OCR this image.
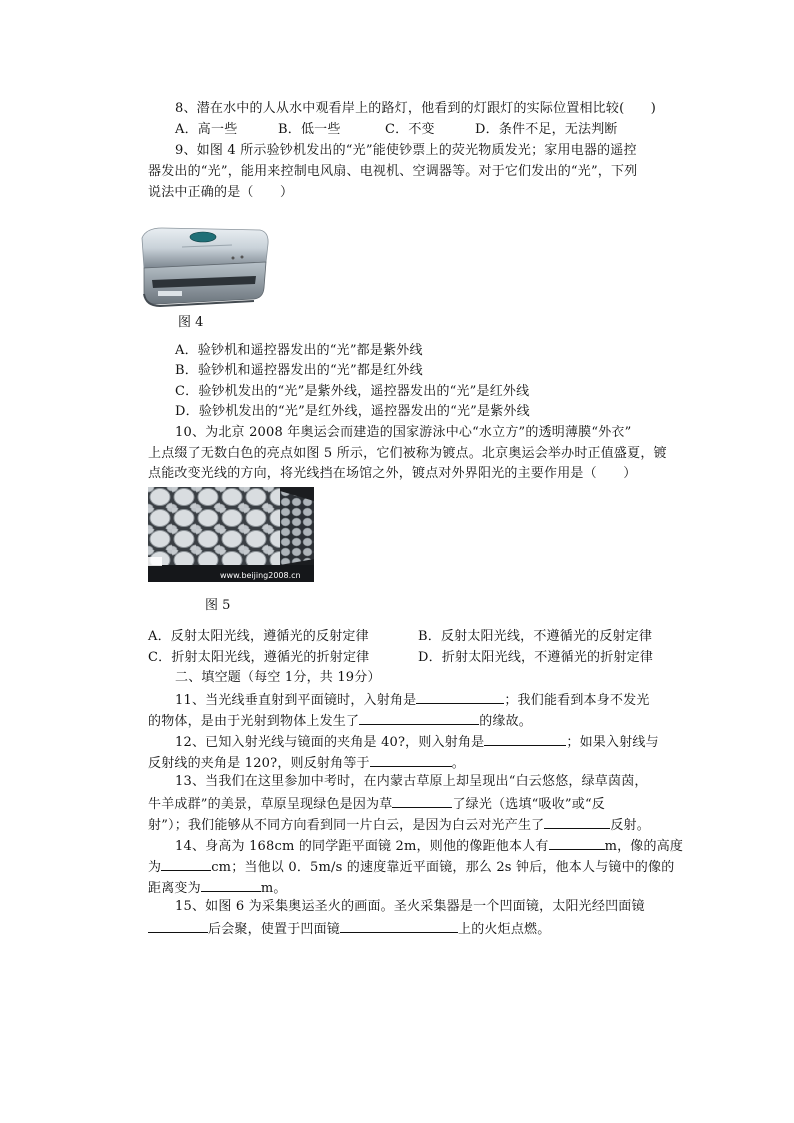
8、潜在水中的人从水中观看岸上的路灯，他看到的灯跟灯的实际位置相比较(　　)
A．高一些	B．低一些	C．不变	D．条件不足，无法判断
9、如图 4 所示验钞机发出的“光”能使钞票上的荧光物质发光；家用电器的遥控
器发出的“光”，能用来控制电风扇、电视机、空调器等。对于它们发出的“光”，下列
说法中正确的是（　　）
图 4
A．验钞机和遥控器发出的“光”都是紫外线
B．验钞机和遥控器发出的“光”都是红外线
C．验钞机发出的“光”是紫外线，遥控器发出的“光”是红外线
D．验钞机发出的“光”是红外线，遥控器发出的“光”是紫外线
10、为北京 2008 年奥运会而建造的国家游泳中心“水立方”的透明薄膜“外衣”
上点缀了无数白色的亮点如图 5 所示，它们被称为镀点。北京奥运会举办时正值盛夏，镀
点能改变光线的方向，将光线挡在场馆之外，镀点对外界阳光的主要作用是（　　）
www.beijing2008.cn
图 5
A．反射太阳光线，遵循光的反射定律	B．反射太阳光线，不遵循光的反射定律
C．折射太阳光线，遵循光的折射定律	D．折射太阳光线，不遵循光的折射定律
二、填空题（每空 1分，共 19分）
11、当光线垂直射到平面镜时，入射角是	；我们能看到本身不发光
的物体，是由于光射到物体上发生了	的缘故。
12、已知入射光线与镜面的夹角是 40?，则入射角是	；如果入射线与
反射线的夹角是 120?，则反射角等于	。
13、当我们在这里参加中考时，在内蒙古草原上却呈现出“白云悠悠，绿草茵茵，
牛羊成群”的美景，草原呈现绿色是因为草	了绿光（选填“吸收”或“反
射”）；我们能够从不同方向看到同一片白云，是因为白云对光产生了	反射。
14、身高为 168cm 的同学距平面镜 2m，则他的像距他本人有	m，像的高度
为	cm；当他以 0．5m/s 的速度靠近平面镜，那么 2s 钟后，他本人与镜中的像的
距离变为	m。
15、如图 6 为采集奥运圣火的画面。圣火采集器是一个凹面镜，太阳光经凹面镜
后会聚，使置于凹面镜	上的火炬点燃。
